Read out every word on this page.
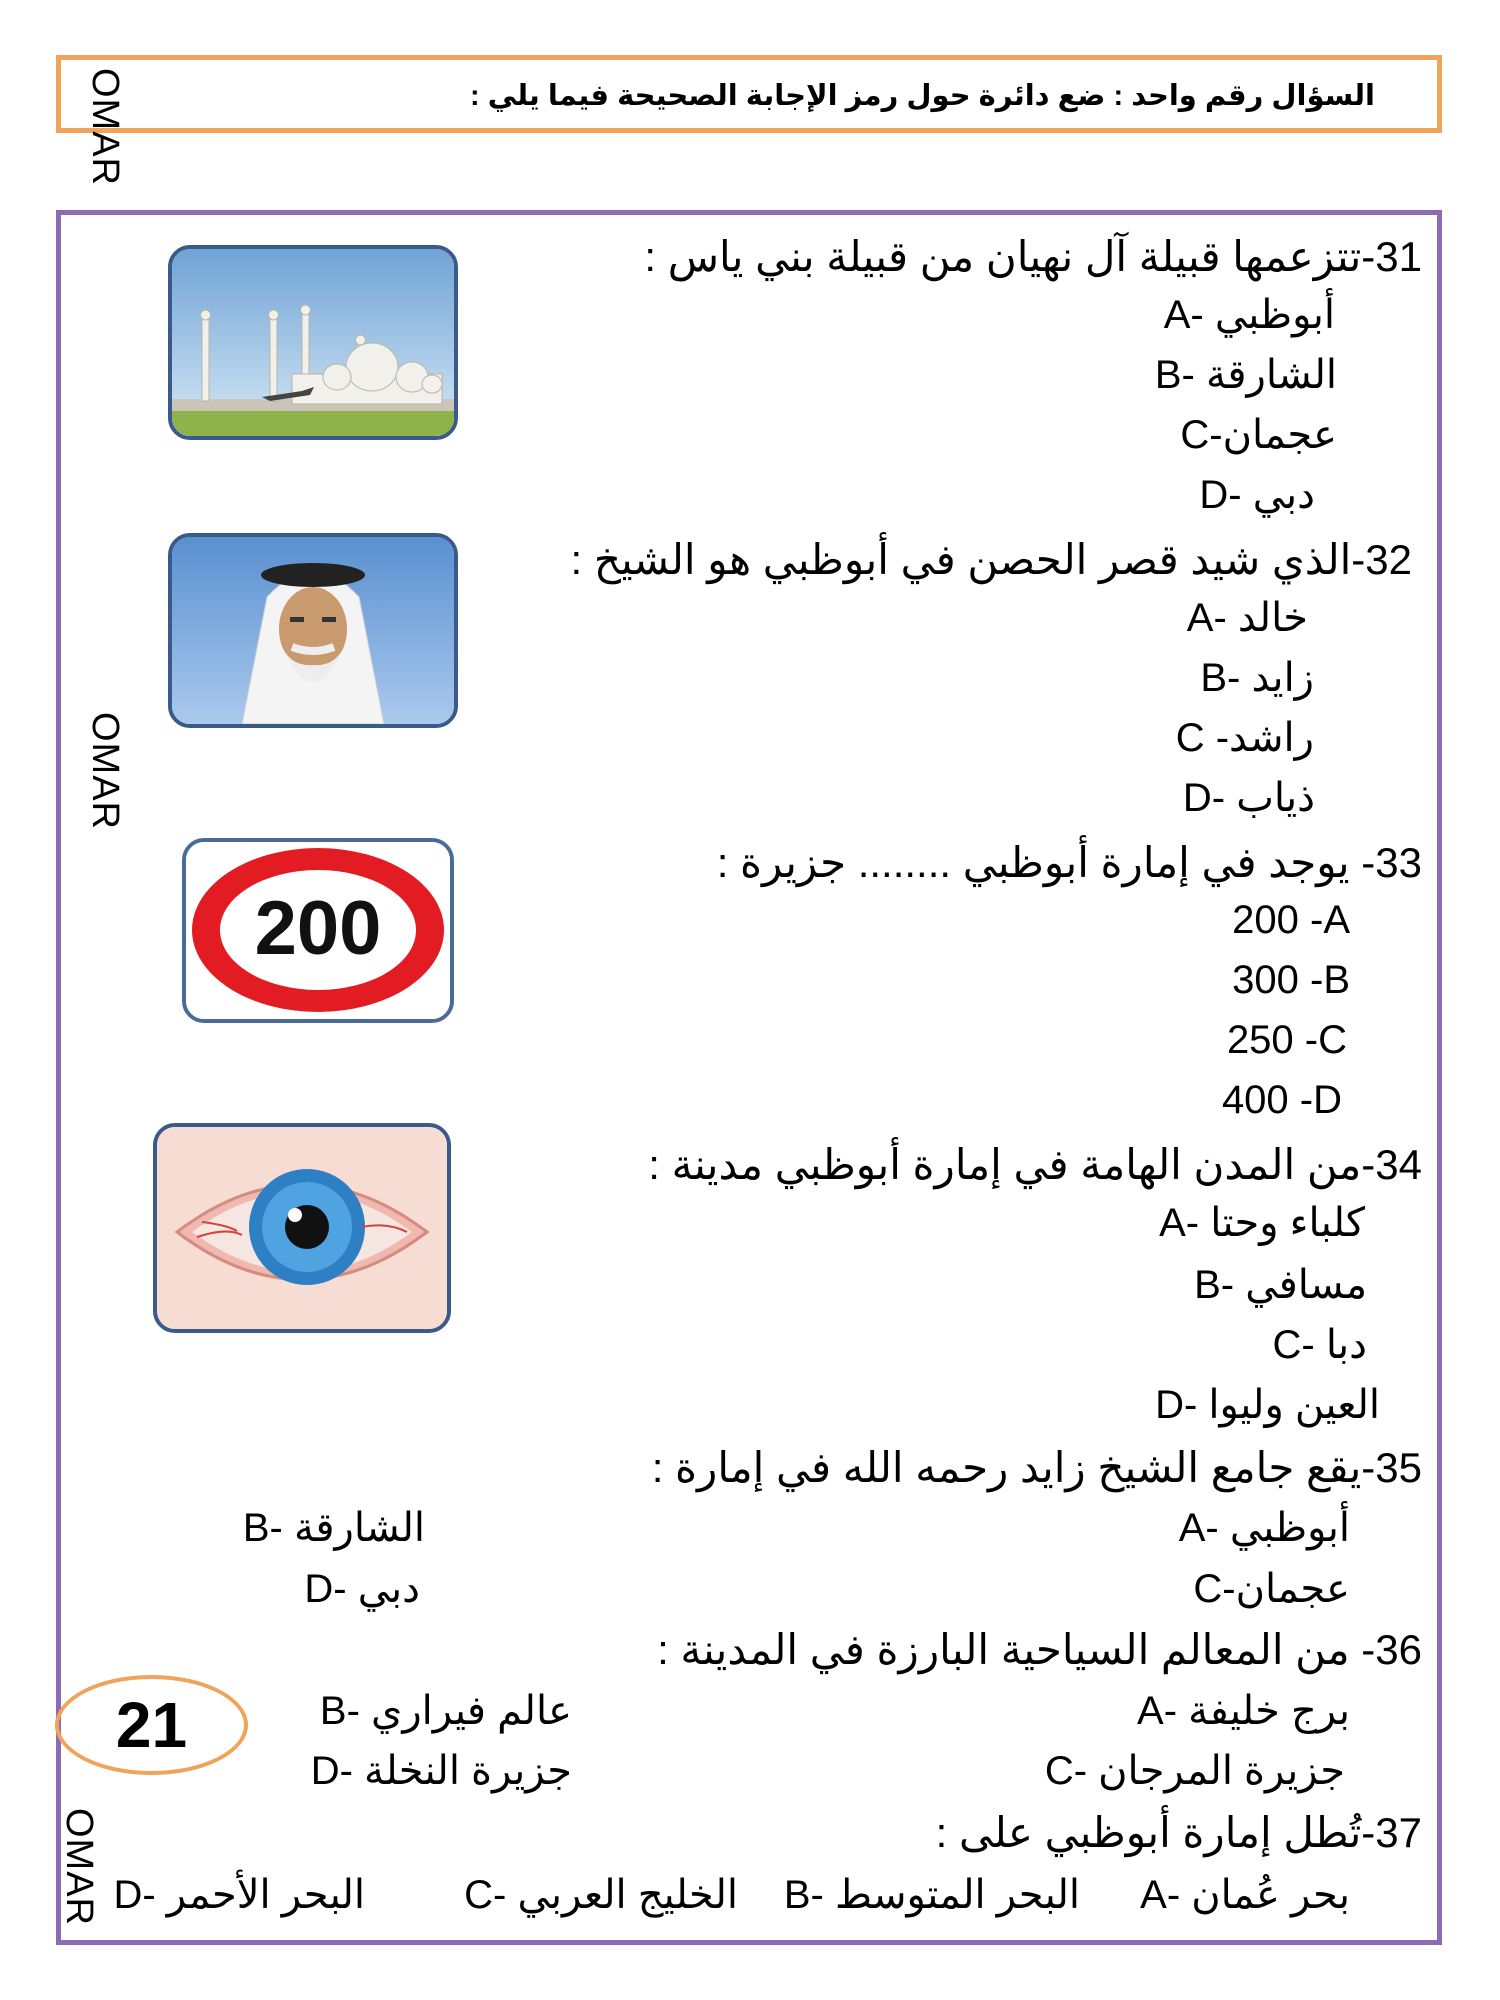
السؤال رقم واحد : ضع دائرة حول رمز الإجابة الصحيحة فيما يلي :
OMAR
OMAR
OMAR
200
31-تتزعمها قبيلة آل نهيان من قبيلة بني ياس :
A- أبوظبي
B- الشارقة
C-عجمان
D- دبي
32-الذي شيد قصر الحصن في أبوظبي هو الشيخ :
A- خالد
B- زايد
C -راشد
D- ذياب
33- يوجد في إمارة أبوظبي ........ جزيرة :
200 -A
300 -B
250 -C
400 -D
34-من المدن الهامة في إمارة أبوظبي مدينة :
A- كلباء وحتا
B- مسافي
C- دبا
D- العين وليوا
35-يقع جامع الشيخ زايد رحمه الله في إمارة :
A- أبوظبي
B- الشارقة
C-عجمان
D- دبي
36- من المعالم السياحية البارزة في المدينة :
A- برج خليفة
B- عالم فيراري
C- جزيرة المرجان
D- جزيرة النخلة
21
37-تُطل إمارة أبوظبي على :
A- بحر عُمان
B- البحر المتوسط
C- الخليج العربي
D- البحر الأحمر
